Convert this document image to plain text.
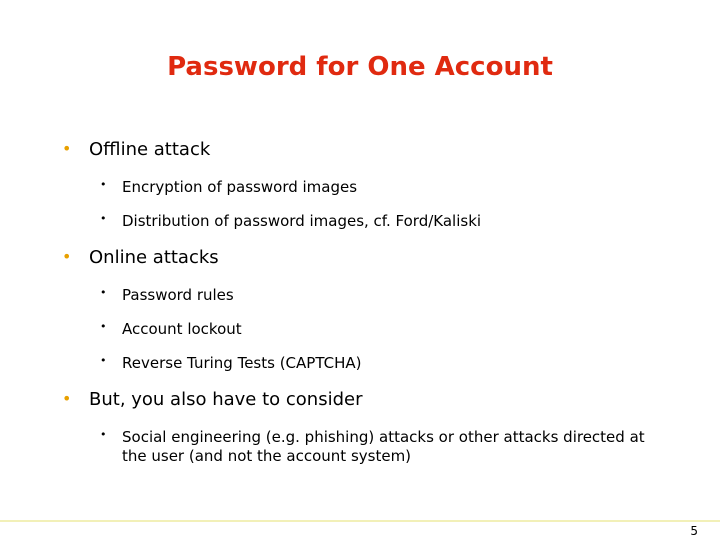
Password for One Account
• Offline attack
• Encryption of password images
• Distribution of password images, cf. Ford/Kaliski
• Online attacks
• Password rules
• Account lockout
• Reverse Turing Tests (CAPTCHA)
• But, you also have to consider
• Social engineering (e.g. phishing) attacks or other attacks directed at
the user (and not the account system)
5
